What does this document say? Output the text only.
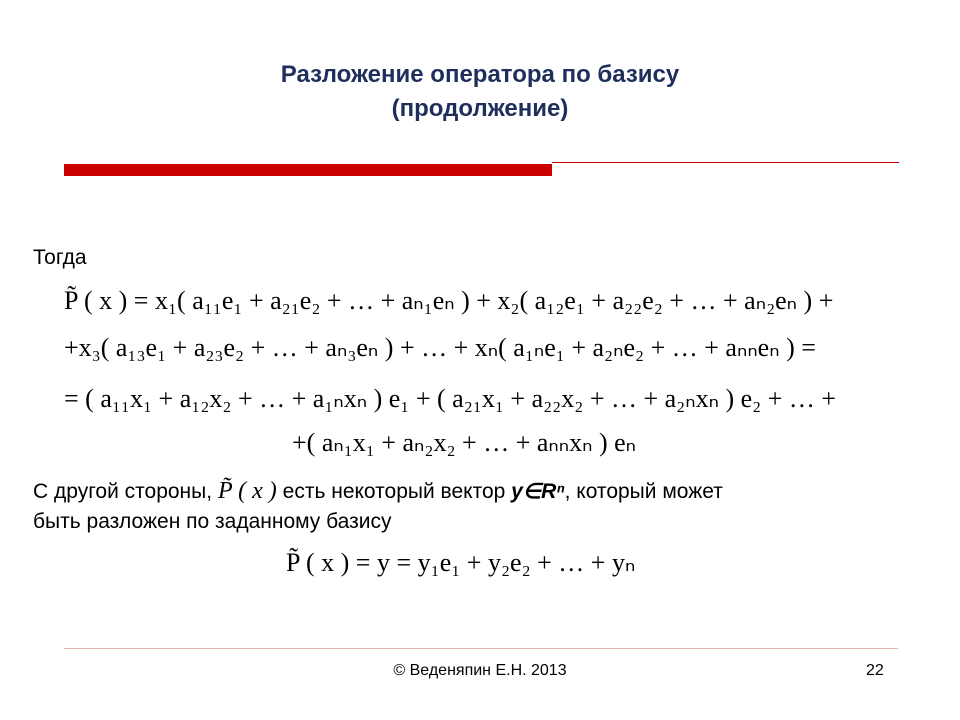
Разложение оператора по базису
(продолжение)
Тогда
P̃ ( x ) = x₁( a₁₁e₁ + a₂₁e₂ + … + aₙ₁eₙ ) + x₂( a₁₂e₁ + a₂₂e₂ + … + aₙ₂eₙ ) +
+x₃( a₁₃e₁ + a₂₃e₂ + … + aₙ₃eₙ ) + … + xₙ( a₁ₙe₁ + a₂ₙe₂ + … + aₙₙeₙ ) =
= ( a₁₁x₁ + a₁₂x₂ + … + a₁ₙxₙ ) e₁ + ( a₂₁x₁ + a₂₂x₂ + … + a₂ₙxₙ ) e₂ + … +
+( aₙ₁x₁ + aₙ₂x₂ + … + aₙₙxₙ ) eₙ
С другой стороны, P̃ ( x ) есть некоторый вектор y∈Rⁿ, который может
быть разложен по заданному базису
P̃ ( x ) = y = y₁e₁ + y₂e₂ + … + yₙ
© Веденяпин Е.Н. 2013	22
